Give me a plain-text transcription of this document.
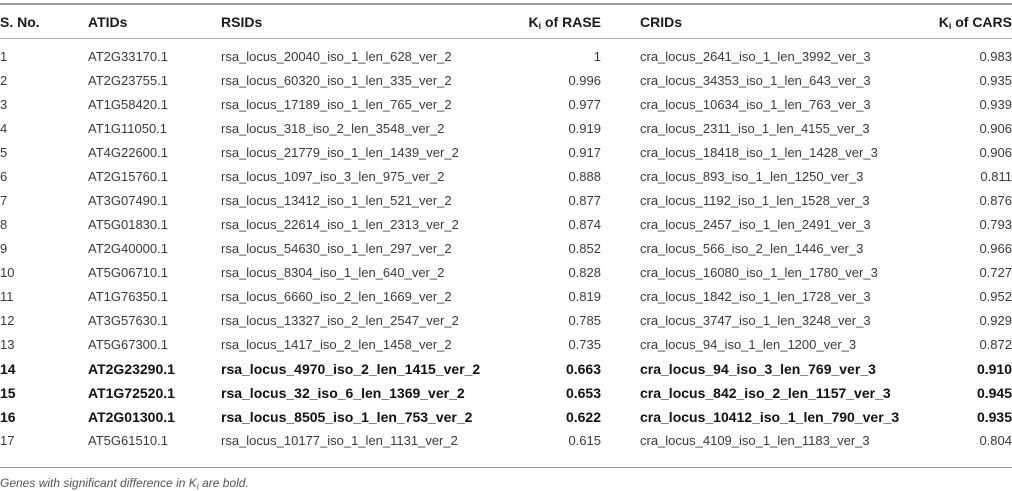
S. No.	ATIDs	RSIDs	$K_i$ of RASE	CRIDs	$K_i$ of CARS
1	AT2G33170.1	rsa_locus_20040_iso_1_len_628_ver_2	1	cra_locus_2641_iso_1_len_3992_ver_3	0.983
2	AT2G23755.1	rsa_locus_60320_iso_1_len_335_ver_2	0.996	cra_locus_34353_iso_1_len_643_ver_3	0.935
3	AT1G58420.1	rsa_locus_17189_iso_1_len_765_ver_2	0.977	cra_locus_10634_iso_1_len_763_ver_3	0.939
4	AT1G11050.1	rsa_locus_318_iso_2_len_3548_ver_2	0.919	cra_locus_2311_iso_1_len_4155_ver_3	0.906
5	AT4G22600.1	rsa_locus_21779_iso_1_len_1439_ver_2	0.917	cra_locus_18418_iso_1_len_1428_ver_3	0.906
6	AT2G15760.1	rsa_locus_1097_iso_3_len_975_ver_2	0.888	cra_locus_893_iso_1_len_1250_ver_3	0.811
7	AT3G07490.1	rsa_locus_13412_iso_1_len_521_ver_2	0.877	cra_locus_1192_iso_1_len_1528_ver_3	0.876
8	AT5G01830.1	rsa_locus_22614_iso_1_len_2313_ver_2	0.874	cra_locus_2457_iso_1_len_2491_ver_3	0.793
9	AT2G40000.1	rsa_locus_54630_iso_1_len_297_ver_2	0.852	cra_locus_566_iso_2_len_1446_ver_3	0.966
10	AT5G06710.1	rsa_locus_8304_iso_1_len_640_ver_2	0.828	cra_locus_16080_iso_1_len_1780_ver_3	0.727
11	AT1G76350.1	rsa_locus_6660_iso_2_len_1669_ver_2	0.819	cra_locus_1842_iso_1_len_1728_ver_3	0.952
12	AT3G57630.1	rsa_locus_13327_iso_2_len_2547_ver_2	0.785	cra_locus_3747_iso_1_len_3248_ver_3	0.929
13	AT5G67300.1	rsa_locus_1417_iso_2_len_1458_ver_2	0.735	cra_locus_94_iso_1_len_1200_ver_3	0.872
14	AT2G23290.1	rsa_locus_4970_iso_2_len_1415_ver_2	0.663	cra_locus_94_iso_3_len_769_ver_3	0.910
15	AT1G72520.1	rsa_locus_32_iso_6_len_1369_ver_2	0.653	cra_locus_842_iso_2_len_1157_ver_3	0.945
16	AT2G01300.1	rsa_locus_8505_iso_1_len_753_ver_2	0.622	cra_locus_10412_iso_1_len_790_ver_3	0.935
17	AT5G61510.1	rsa_locus_10177_iso_1_len_1131_ver_2	0.615	cra_locus_4109_iso_1_len_1183_ver_3	0.804
Genes with significant difference in $K_i$ are bold.
